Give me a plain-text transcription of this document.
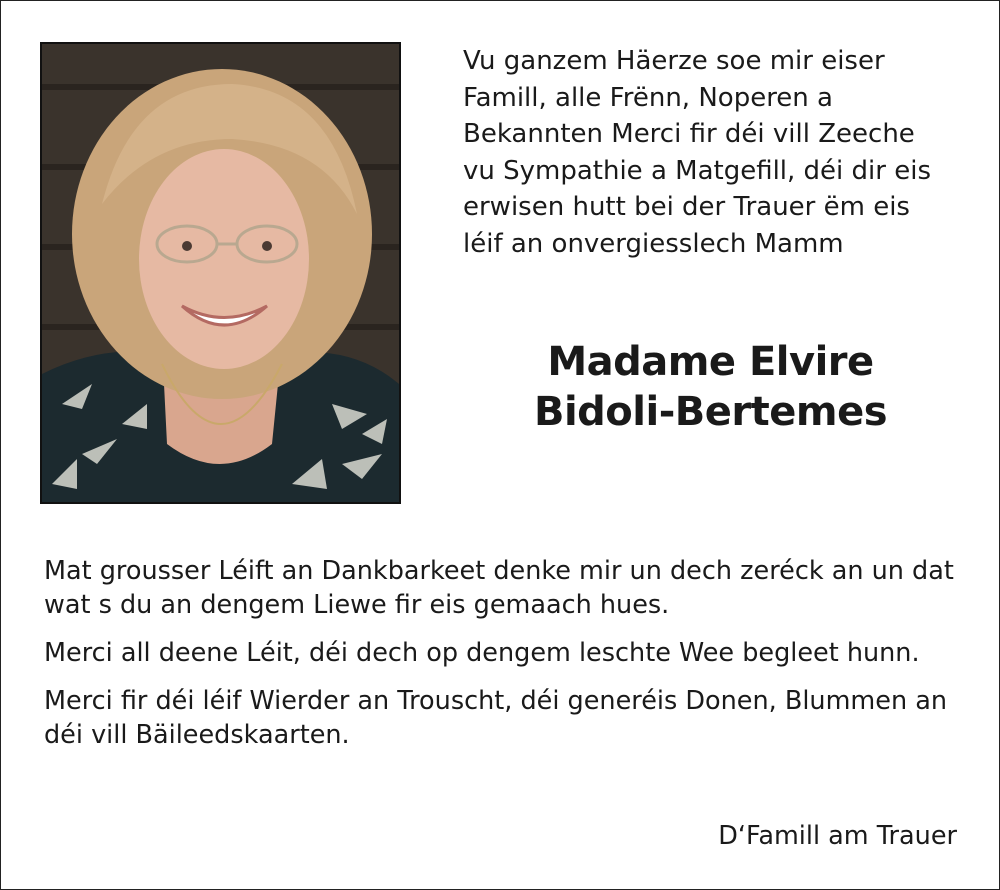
Vu ganzem Häerze soe mir eiser
Famill, alle Frënn, Noperen a
Bekannten Merci fir déi vill Zeeche
vu Sympathie a Matgefill, déi dir eis
erwisen hutt bei der Trauer ëm eis
léif an onvergiesslech Mamm
Madame Elvire
Bidoli-Bertemes

Mat grousser Léift an Dankbarkeet denke mir un dech zeréck an un dat wat s du an dengem Liewe fir eis gemaach hues.

Merci all deene Léit, déi dech op dengem leschte Wee begleet hunn.

Merci fir déi léif Wierder an Trouscht, déi generéis Donen, Blummen an déi vill Bäileedskaarten.

D‘Famill am Trauer
